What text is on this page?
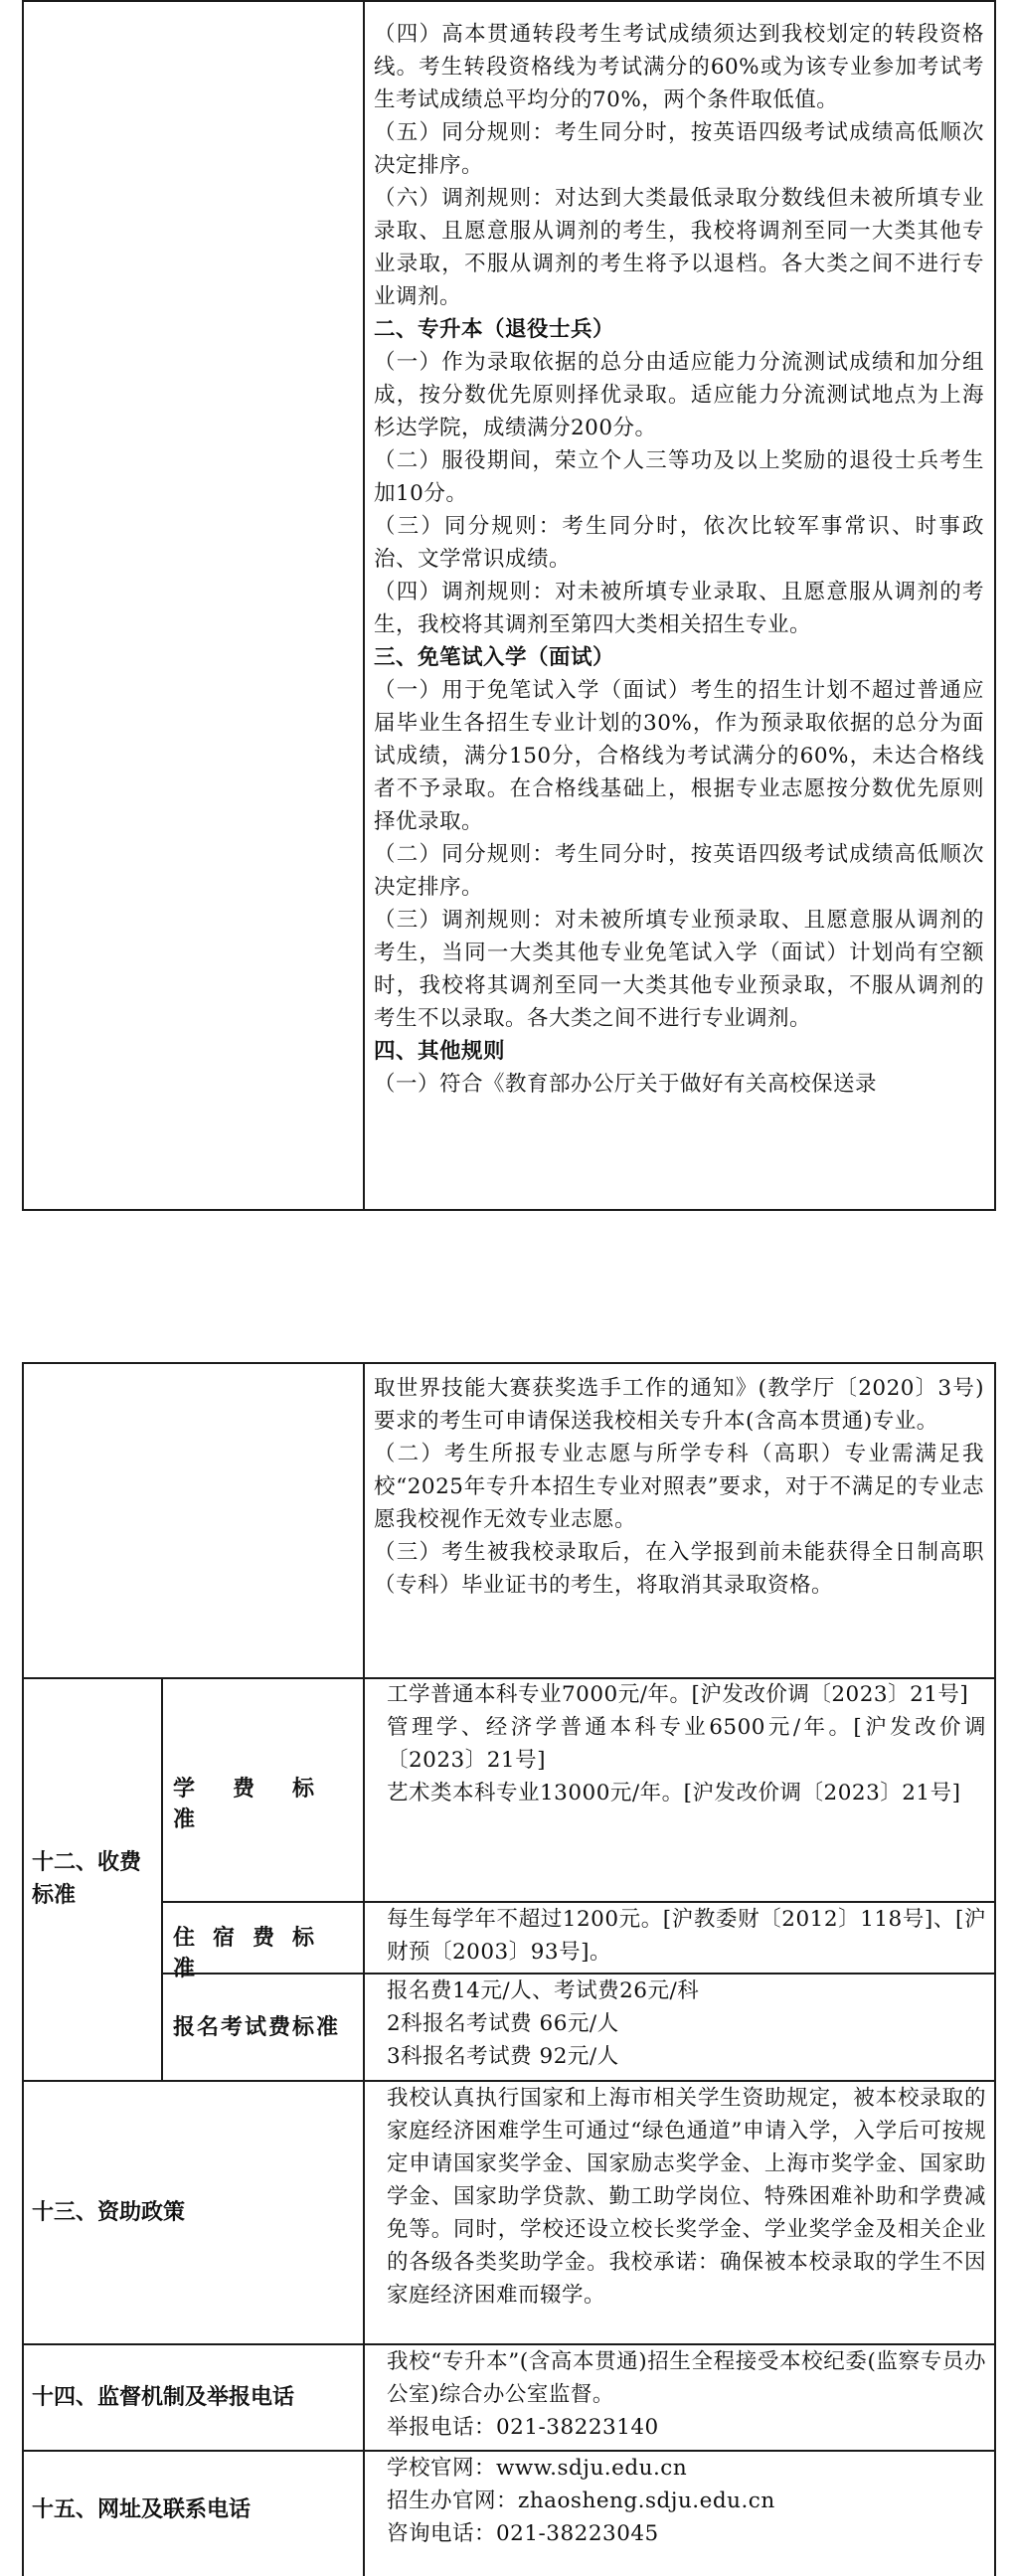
（四）高本贯通转段考生考试成绩须达到我校划定的转段资格线。考生转段资格线为考试满分的60%或为该专业参加考试考生考试成绩总平均分的70%，两个条件取低值。

（五）同分规则：考生同分时，按英语四级考试成绩高低顺次决定排序。

（六）调剂规则：对达到大类最低录取分数线但未被所填专业录取、且愿意服从调剂的考生，我校将调剂至同一大类其他专业录取，不服从调剂的考生将予以退档。各大类之间不进行专业调剂。

二、专升本（退役士兵）

（一）作为录取依据的总分由适应能力分流测试成绩和加分组成，按分数优先原则择优录取。适应能力分流测试地点为上海杉达学院，成绩满分200分。

（二）服役期间，荣立个人三等功及以上奖励的退役士兵考生加10分。

（三）同分规则：考生同分时，依次比较军事常识、时事政治、文学常识成绩。

（四）调剂规则：对未被所填专业录取、且愿意服从调剂的考生，我校将其调剂至第四大类相关招生专业。

三、免笔试入学（面试）

（一）用于免笔试入学（面试）考生的招生计划不超过普通应届毕业生各招生专业计划的30%，作为预录取依据的总分为面试成绩，满分150分，合格线为考试满分的60%，未达合格线者不予录取。在合格线基础上，根据专业志愿按分数优先原则择优录取。

（二）同分规则：考生同分时，按英语四级考试成绩高低顺次决定排序。

（三）调剂规则：对未被所填专业预录取、且愿意服从调剂的考生，当同一大类其他专业免笔试入学（面试）计划尚有空额时，我校将其调剂至同一大类其他专业预录取，不服从调剂的考生不以录取。各大类之间不进行专业调剂。

四、其他规则

（一）符合《教育部办公厅关于做好有关高校保送录

取世界技能大赛获奖选手工作的通知》(教学厅〔2020〕3号)要求的考生可申请保送我校相关专升本(含高本贯通)专业。

（二）考生所报专业志愿与所学专科（高职）专业需满足我校“2025年专升本招生专业对照表”要求，对于不满足的专业志愿我校视作无效专业志愿。

（三）考生被我校录取后，在入学报到前未能获得全日制高职（专科）毕业证书的考生，将取消其录取资格。

十二、收费标准
学费标准

工学普通本科专业7000元/年。[沪发改价调〔2023〕21号]

管理学、经济学普通本科专业6500元/年。[沪发改价调〔2023〕21号]

艺术类本科专业13000元/年。[沪发改价调〔2023〕21号]

住宿费标准

每生每学年不超过1200元。[沪教委财〔2012〕118号]、[沪财预〔2003〕93号]。

报名考试费标准

报名费14元/人、考试费26元/科

2科报名考试费 66元/人

3科报名考试费 92元/人

十三、资助政策

我校认真执行国家和上海市相关学生资助规定，被本校录取的家庭经济困难学生可通过“绿色通道”申请入学，入学后可按规定申请国家奖学金、国家励志奖学金、上海市奖学金、国家助学金、国家助学贷款、勤工助学岗位、特殊困难补助和学费减免等。同时，学校还设立校长奖学金、学业奖学金及相关企业的各级各类奖助学金。我校承诺：确保被本校录取的学生不因家庭经济困难而辍学。

十四、监督机制及举报电话

我校“专升本”(含高本贯通)招生全程接受本校纪委(监察专员办公室)综合办公室监督。

举报电话：021-38223140

十五、网址及联系电话

学校官网：www.sdju.edu.cn

招生办官网：zhaosheng.sdju.edu.cn

咨询电话：021-38223045
